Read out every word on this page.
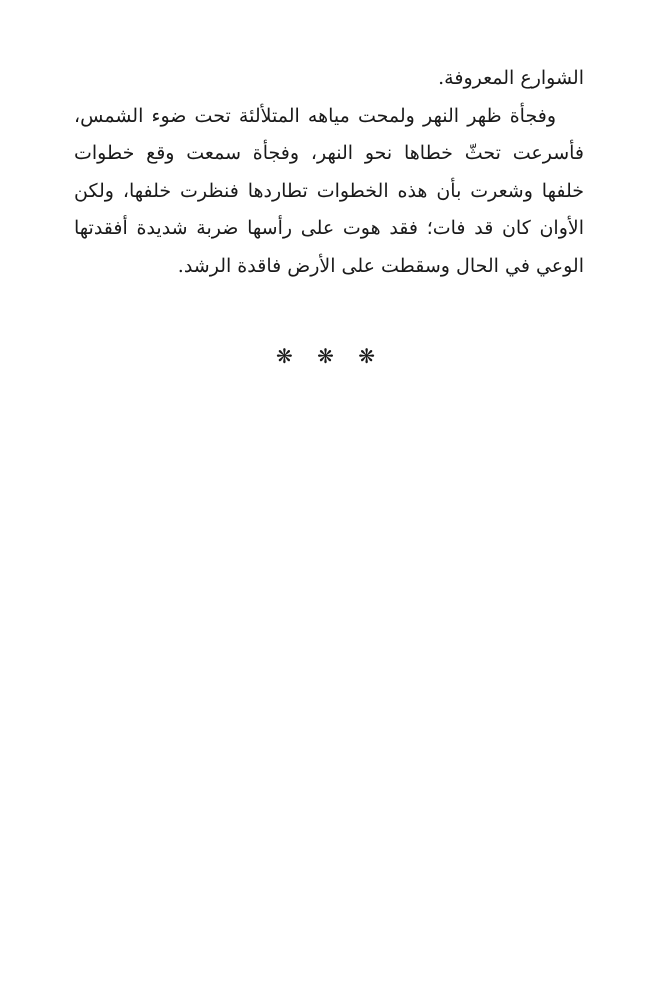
الشوارع المعروفة.

وفجأة ظهر النهر ولمحت مياهه المتلألئة تحت ضوء الشمس، فأسرعت تحثّ خطاها نحو النهر، وفجأة سمعت وقع خطوات خلفها وشعرت بأن هذه الخطوات تطاردها فنظرت خلفها، ولكن الأوان كان قد فات؛ فقد هوت على رأسها ضربة شديدة أفقدتها الوعي في الحال وسقطت على الأرض فاقدة الرشد.

❋ ❋ ❋
